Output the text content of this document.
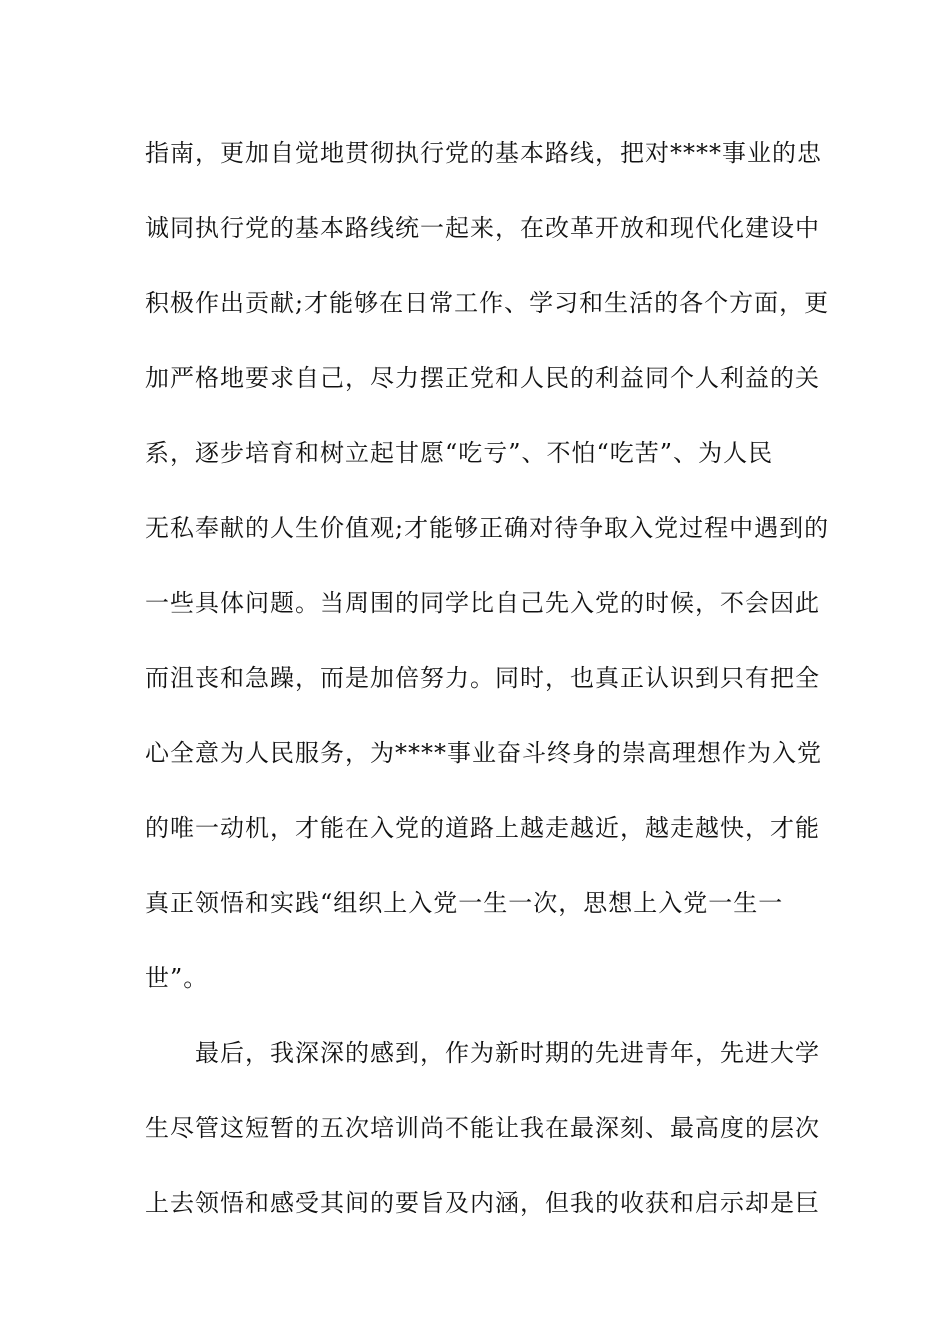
指南，更加自觉地贯彻执行党的基本路线，把对****事业的忠
诚同执行党的基本路线统一起来，在改革开放和现代化建设中
积极作出贡献;才能够在日常工作、学习和生活的各个方面，更
加严格地要求自己，尽力摆正党和人民的利益同个人利益的关
系，逐步培育和树立起甘愿“吃亏”、不怕“吃苦”、为人民
无私奉献的人生价值观;才能够正确对待争取入党过程中遇到的
一些具体问题。当周围的同学比自己先入党的时候，不会因此
而沮丧和急躁，而是加倍努力。同时，也真正认识到只有把全
心全意为人民服务，为****事业奋斗终身的崇高理想作为入党
的唯一动机，才能在入党的道路上越走越近，越走越快，才能
真正领悟和实践“组织上入党一生一次，思想上入党一生一
世”。
　　最后，我深深的感到，作为新时期的先进青年，先进大学
生尽管这短暂的五次培训尚不能让我在最深刻、最高度的层次
上去领悟和感受其间的要旨及内涵，但我的收获和启示却是巨
